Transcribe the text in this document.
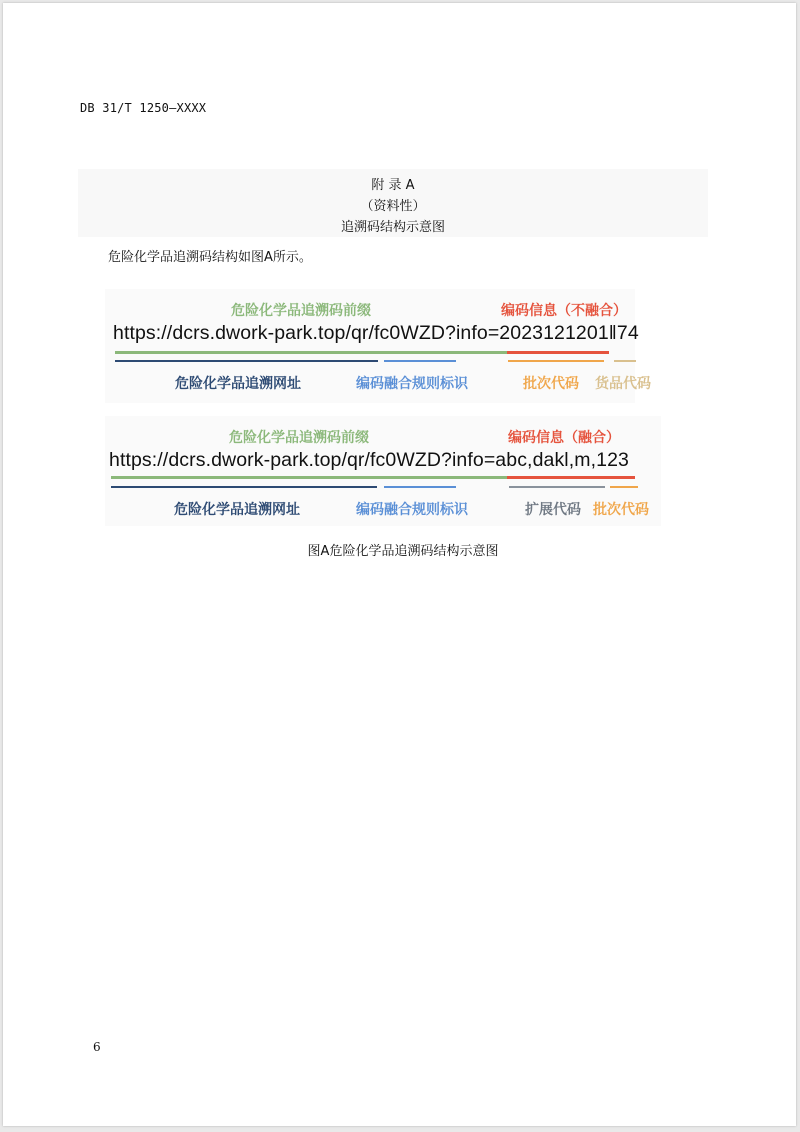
DB 31/T 1250—XXXX
附 录 A
（资料性）
追溯码结构示意图
危险化学品追溯码结构如图A所示。
危险化学品追溯码前缀	编码信息（不融合）
https://dcrs.dwork-park.top/qr/fc0WZD?info=2023121201‖74
危险化学品追溯网址	编码融合规则标识	批次代码 货品代码
危险化学品追溯码前缀	编码信息（融合）
https://dcrs.dwork-park.top/qr/fc0WZD?info=abc,dakl,m,123
危险化学品追溯网址	编码融合规则标识	扩展代码 批次代码
图A危险化学品追溯码结构示意图
6
